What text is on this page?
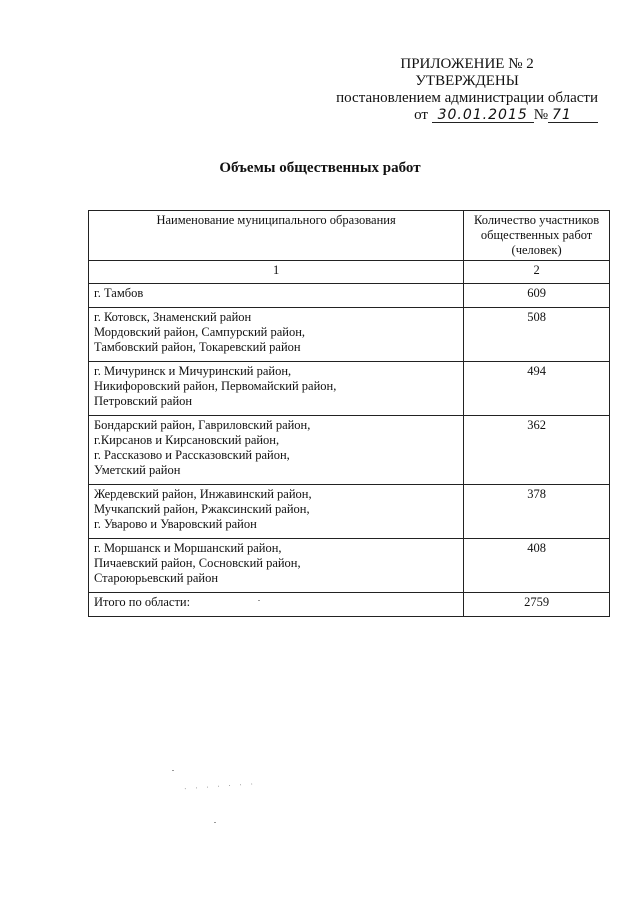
ПРИЛОЖЕНИЕ № 2
УТВЕРЖДЕНЫ
постановлением администрации области
от 30.01.2015 № 71
Объемы общественных работ
Наименование муниципального образования	Количество участников общественных работ (человек)
1	2

г. Тамбов	609

г. Котовск, Знаменский район
Мордовский район, Сампурский район,
Тамбовский район, Токаревский район	508

г. Мичуринск и Мичуринский район,
Никифоровский район, Первомайский район,
Петровский район	494

Бондарский район, Гавриловский район,
г.Кирсанов и Кирсановский район,
г. Рассказово и Рассказовский район,
Уметский район	362

Жердевский район, Инжавинский район,
Мучкапский район, Ржаксинский район,
г. Уварово и Уваровский район	378

г. Моршанск и Моршанский район,
Пичаевский район, Сосновский район,
Староюрьевский район	408
Итого по области:	2759
· · · · · · ·
